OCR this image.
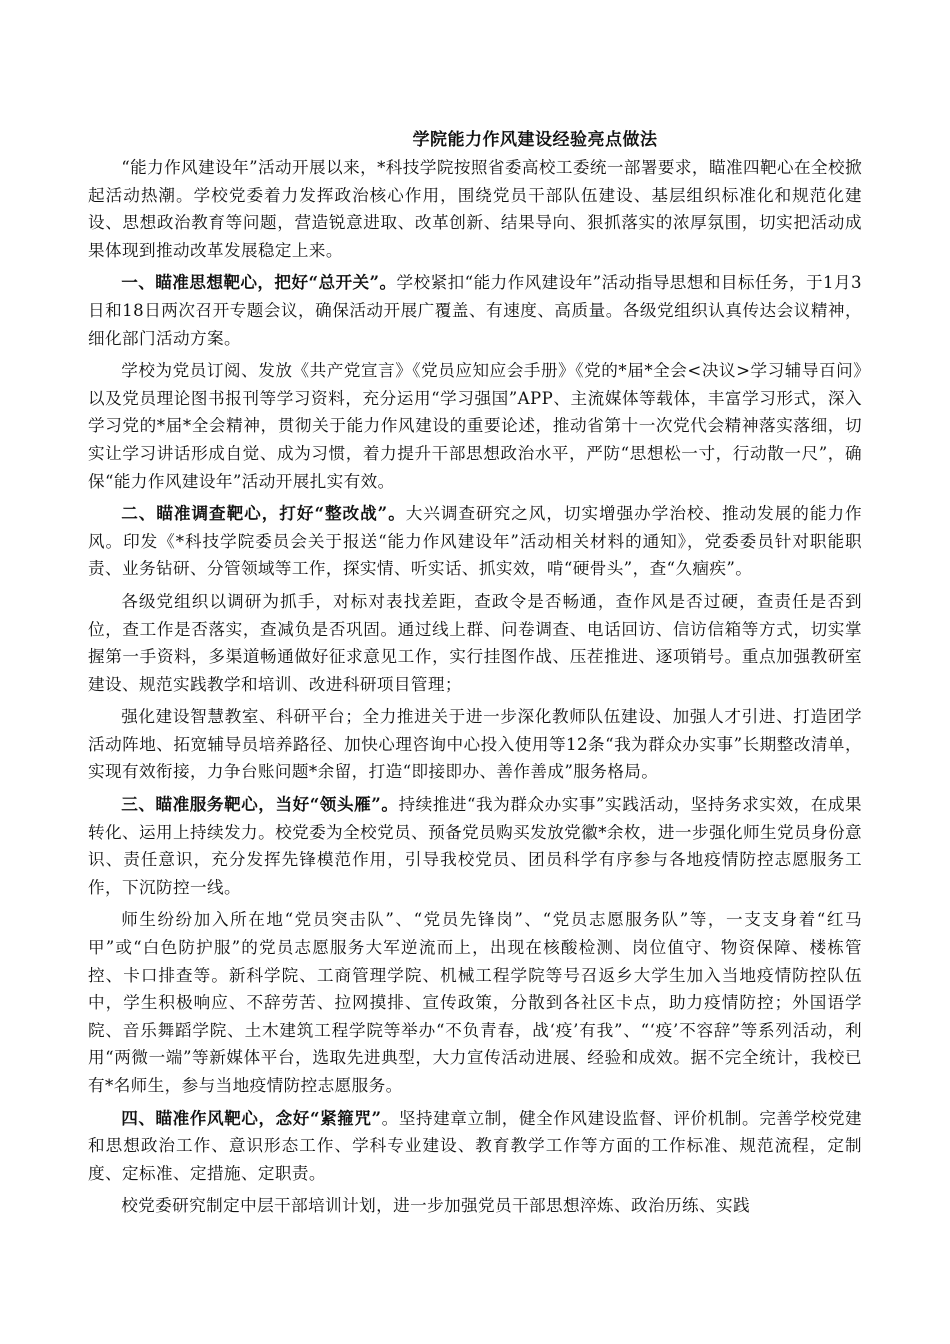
学院能力作风建设经验亮点做法

“能力作风建设年”活动开展以来，*科技学院按照省委高校工委统一部署要求，瞄准四靶心在全校掀起活动热潮。学校党委着力发挥政治核心作用，围绕党员干部队伍建设、基层组织标准化和规范化建设、思想政治教育等问题，营造锐意进取、改革创新、结果导向、狠抓落实的浓厚氛围，切实把活动成果体现到推动改革发展稳定上来。

一、瞄准思想靶心，把好“总开关”。学校紧扣“能力作风建设年”活动指导思想和目标任务，于1月3日和18日两次召开专题会议，确保活动开展广覆盖、有速度、高质量。各级党组织认真传达会议精神，细化部门活动方案。

学校为党员订阅、发放《共产党宣言》《党员应知应会手册》《党的*届*全会<决议>学习辅导百问》以及党员理论图书报刊等学习资料，充分运用“学习强国”APP、主流媒体等载体，丰富学习形式，深入学习党的*届*全会精神，贯彻关于能力作风建设的重要论述，推动省第十一次党代会精神落实落细，切实让学习讲话形成自觉、成为习惯，着力提升干部思想政治水平，严防“思想松一寸，行动散一尺”，确保“能力作风建设年”活动开展扎实有效。

二、瞄准调查靶心，打好“整改战”。大兴调查研究之风，切实增强办学治校、推动发展的能力作风。印发《*科技学院委员会关于报送“能力作风建设年”活动相关材料的通知》，党委委员针对职能职责、业务钻研、分管领域等工作，探实情、听实话、抓实效，啃“硬骨头”，查“久痼疾”。

各级党组织以调研为抓手，对标对表找差距，查政令是否畅通，查作风是否过硬，查责任是否到位，查工作是否落实，查减负是否巩固。通过线上群、问卷调查、电话回访、信访信箱等方式，切实掌握第一手资料，多渠道畅通做好征求意见工作，实行挂图作战、压茬推进、逐项销号。重点加强教研室建设、规范实践教学和培训、改进科研项目管理；

强化建设智慧教室、科研平台；全力推进关于进一步深化教师队伍建设、加强人才引进、打造团学活动阵地、拓宽辅导员培养路径、加快心理咨询中心投入使用等12条“我为群众办实事”长期整改清单，实现有效衔接，力争台账问题*余留，打造“即接即办、善作善成”服务格局。

三、瞄准服务靶心，当好“领头雁”。持续推进“我为群众办实事”实践活动，坚持务求实效，在成果转化、运用上持续发力。校党委为全校党员、预备党员购买发放党徽*余枚，进一步强化师生党员身份意识、责任意识，充分发挥先锋模范作用，引导我校党员、团员科学有序参与各地疫情防控志愿服务工作，下沉防控一线。

师生纷纷加入所在地“党员突击队”、“党员先锋岗”、“党员志愿服务队”等，一支支身着“红马甲”或“白色防护服”的党员志愿服务大军逆流而上，出现在核酸检测、岗位值守、物资保障、楼栋管控、卡口排查等。新科学院、工商管理学院、机械工程学院等号召返乡大学生加入当地疫情防控队伍中，学生积极响应、不辞劳苦、拉网摸排、宣传政策，分散到各社区卡点，助力疫情防控；外国语学院、音乐舞蹈学院、土木建筑工程学院等举办“不负青春，战‘疫’有我”、“‘疫’不容辞”等系列活动，利用“两微一端”等新媒体平台，选取先进典型，大力宣传活动进展、经验和成效。据不完全统计，我校已有*名师生，参与当地疫情防控志愿服务。

四、瞄准作风靶心，念好“紧箍咒”。坚持建章立制，健全作风建设监督、评价机制。完善学校党建和思想政治工作、意识形态工作、学科专业建设、教育教学工作等方面的工作标准、规范流程，定制度、定标准、定措施、定职责。

校党委研究制定中层干部培训计划，进一步加强党员干部思想淬炼、政治历练、实践
